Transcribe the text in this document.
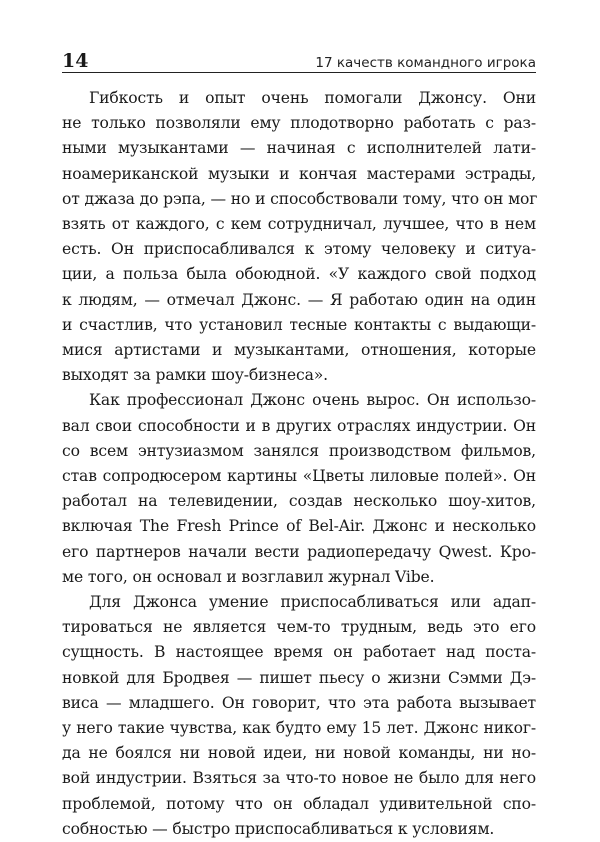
14	17 качеств командного игрока

Гибкость и опыт очень помогали Джонсу. Они
не только позволяли ему плодотворно работать с раз-
ными музыкантами — начиная с исполнителей лати-
ноамериканской музыки и кончая мастерами эстрады,
от джаза до рэпа, — но и способствовали тому, что он мог
взять от каждого, с кем сотрудничал, лучшее, что в нем
есть. Он приспосабливался к этому человеку и ситуа-
ции, а польза была обоюдной. «У каждого свой подход
к людям, — отмечал Джонс. — Я работаю один на один
и счастлив, что установил тесные контакты с выдающи-
мися артистами и музыкантами, отношения, которые
выходят за рамки шоу-бизнеса».

Как профессионал Джонс очень вырос. Он использо-
вал свои способности и в других отраслях индустрии. Он
со всем энтузиазмом занялся производством фильмов,
став сопродюсером картины «Цветы лиловые полей». Он
работал на телевидении, создав несколько шоу-хитов,
включая The Fresh Prince of Bel-Air. Джонс и несколько
его партнеров начали вести радиопередачу Qwest. Кро-
ме того, он основал и возглавил журнал Vibe.

Для Джонса умение приспосабливаться или адап-
тироваться не является чем-то трудным, ведь это его
сущность. В настоящее время он работает над поста-
новкой для Бродвея — пишет пьесу о жизни Сэмми Дэ-
виса — младшего. Он говорит, что эта работа вызывает
у него такие чувства, как будто ему 15 лет. Джонс никог-
да не боялся ни новой идеи, ни новой команды, ни но-
вой индустрии. Взяться за что-то новое не было для него
проблемой, потому что он обладал удивительной спо-
собностью — быстро приспосабливаться к условиям.
